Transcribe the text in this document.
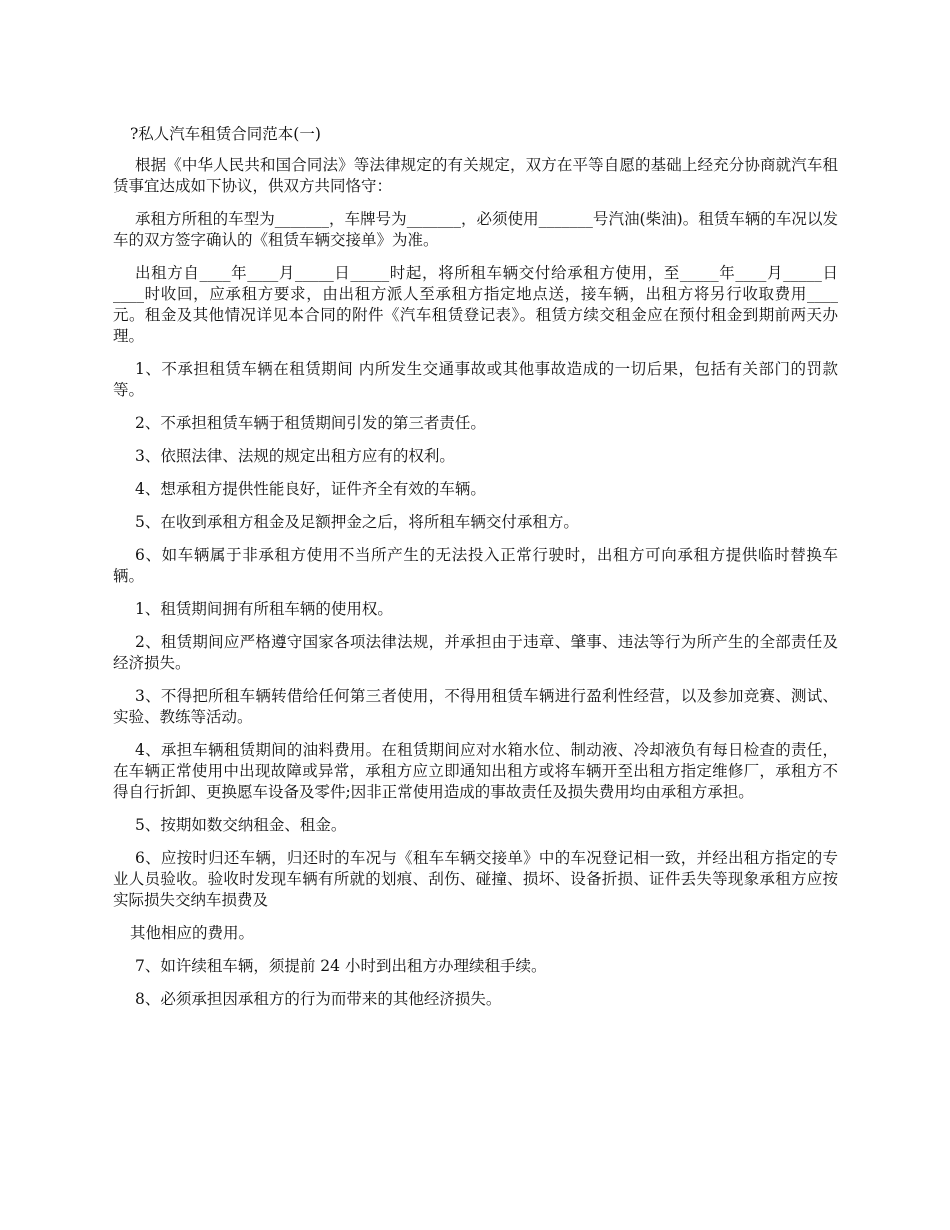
?私人汽车租赁合同范本(一)

根据《中华人民共和国合同法》等法律规定的有关规定，双方在平等自愿的基础上经充分协商就汽车租赁事宜达成如下协议，供双方共同恪守：

承租方所租的车型为_______，车牌号为_______，必须使用_______号汽油(柴油)。租赁车辆的车况以发车的双方签字确认的《租赁车辆交接单》为准。

出租方自____年____月_____日_____时起，将所租车辆交付给承租方使用，至_____年____月_____日____时收回，应承租方要求，由出租方派人至承租方指定地点送，接车辆，出租方将另行收取费用____元。租金及其他情况详见本合同的附件《汽车租赁登记表》。租赁方续交租金应在预付租金到期前两天办理。

1、不承担租赁车辆在租赁期间 内所发生交通事故或其他事故造成的一切后果，包括有关部门的罚款等。

2、不承担租赁车辆于租赁期间引发的第三者责任。

3、依照法律、法规的规定出租方应有的权利。

4、想承租方提供性能良好，证件齐全有效的车辆。

5、在收到承租方租金及足额押金之后，将所租车辆交付承租方。

6、如车辆属于非承租方使用不当所产生的无法投入正常行驶时，出租方可向承租方提供临时替换车辆。

1、租赁期间拥有所租车辆的使用权。

2、租赁期间应严格遵守国家各项法律法规，并承担由于违章、肇事、违法等行为所产生的全部责任及经济损失。

3、不得把所租车辆转借给任何第三者使用，不得用租赁车辆进行盈利性经营，以及参加竞赛、测试、实验、教练等活动。

4、承担车辆租赁期间的油料费用。在租赁期间应对水箱水位、制动液、冷却液负有每日检查的责任，在车辆正常使用中出现故障或异常，承租方应立即通知出租方或将车辆开至出租方指定维修厂，承租方不得自行折卸、更换愿车设备及零件;因非正常使用造成的事故责任及损失费用均由承租方承担。

5、按期如数交纳租金、租金。

6、应按时归还车辆，归还时的车况与《租车车辆交接单》中的车况登记相一致，并经出租方指定的专业人员验收。验收时发现车辆有所就的划痕、刮伤、碰撞、损坏、设备折损、证件丢失等现象承租方应按实际损失交纳车损费及

其他相应的费用。

7、如许续租车辆，须提前 24 小时到出租方办理续租手续。

8、必须承担因承租方的行为而带来的其他经济损失。
